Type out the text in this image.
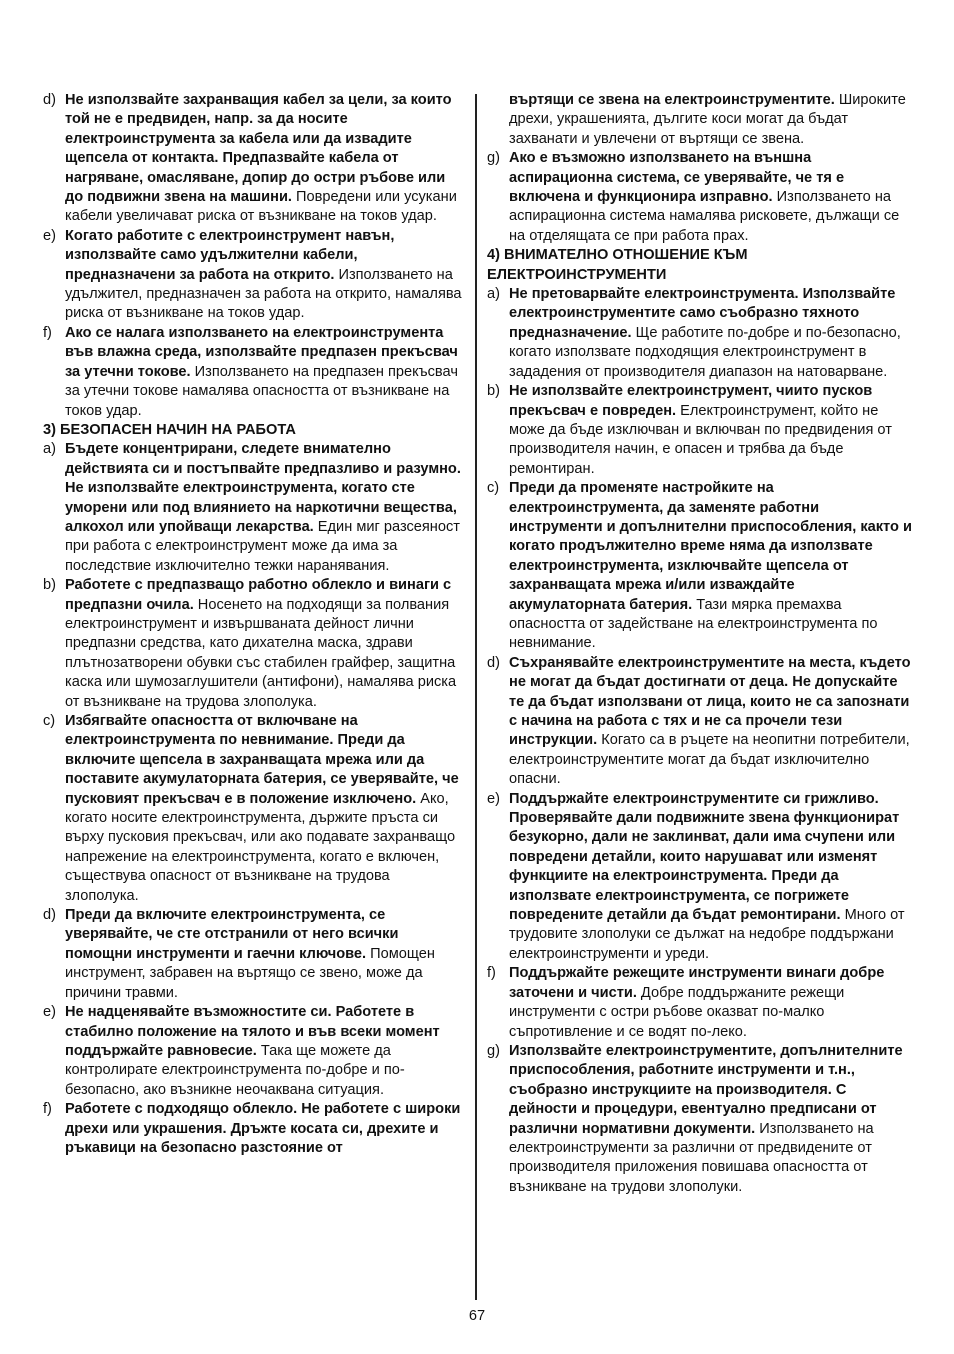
d) Не използвайте захранващия кабел за цели, за които той не е предвиден, напр. за да носите електроинструмента за кабела или да извадите щепсела от контакта. Предпазвайте кабела от нагряване, омасляване, допир до остри ръбове или до подвижни звена на машини. Повредени или усукани кабели увеличават риска от възникване на токов удар.
e) Когато работите с електроинструмент навън, използвайте само удължителни кабели, предназначени за работа на открито. Използването на удължител, предназначен за работа на открито, намалява риска от възникване на токов удар.
f) Ако се налага използването на електроинструмента във влажна среда, използвайте предпазен прекъсвач за утечни токове. Използването на предпазен прекъсвач за утечни токове намалява опасността от възникване на токов удар.
3) БЕЗОПАСЕН НАЧИН НА РАБОТА
a) Бъдете концентрирани, следете внимателно действията си и постъпвайте предпазливо и разумно. Не използвайте електроинструмента, когато сте уморени или под влиянието на наркотични вещества, алкохол или упойващи лекарства. Един миг разсеяност при работа с електроинструмент може да има за последствие изключително тежки наранявания.
b) Работете с предпазващо работно облекло и винаги с предпазни очила. Носенето на подходящи за полвания електроинструмент и извършваната дейност лични предпазни средства, като дихателна маска, здрави плътнозатворени обувки със стабилен грайфер, защитна каска или шумозаглушители (антифони), намалява риска от възникване на трудова злополука.
c) Избягвайте опасността от включване на електроинструмента по невнимание. Преди да включите щепсела в захранващата мрежа или да поставите акумулаторната батерия, се уверявайте, че пусковият прекъсвач е в положение изключено. Ако, когато носите електроинструмента, държите пръста си върху пусковия прекъсвач, или ако подавате захранващо напрежение на електроинструмента, когато е включен, съществува опасност от възникване на трудова злополука.
d) Преди да включите електроинструмента, се уверявайте, че сте отстранили от него всички помощни инструменти и гаечни ключове. Помощен инструмент, забравен на въртящо се звено, може да причини травми.
e) Не надценявайте възможностите си. Работете в стабилно положение на тялото и във всеки момент поддържайте равновесие. Така ще можете да контролирате електроинструмента по-добре и по-безопасно, ако възникне неочаквана ситуация.
f) Работете с подходящо облекло. Не работете с широки дрехи или украшения. Дръжте косата си, дрехите и ръкавици на безопасно разстояние от
въртящи се звена на електроинструментите. Широките дрехи, украшенията, дългите коси могат да бъдат захванати и увлечени от въртящи се звена.
g) Ако е възможно използването на външна аспирационна система, се уверявайте, че тя е включена и функционира изправно. Използването на аспирационна система намалява рисковете, дължащи се на отделящата се при работа прах.
4) ВНИМАТЕЛНО ОТНОШЕНИЕ КЪМ ЕЛЕКТРОИНСТРУМЕНТИ
a) Не претоварвайте електроинструмента. Използвайте електроинструментите само съобразно тяхното предназначение. Ще работите по-добре и по-безопасно, когато използвате подходящия електроинструмент в зададения от производителя диапазон на натоварване.
b) Не използвайте електроинструмент, чиито пусков прекъсвач е повреден. Електроинструмент, който не може да бъде изключван и включван по предвидения от производителя начин, е опасен и трябва да бъде ремонтиран.
c) Преди да променяте настройките на електроинструмента, да заменяте работни инструменти и допълнителни приспособления, както и когато продължително време няма да използвате електроинструмента, изключвайте щепсела от захранващата мрежа и/или изваждайте акумулаторната батерия. Тази мярка премахва опасността от задействане на електроинструмента по невнимание.
d) Съхранявайте електроинструментите на места, където не могат да бъдат достигнати от деца. Не допускайте те да бъдат използвани от лица, които не са запознати с начина на работа с тях и не са прочели тези инструкции. Когато са в ръцете на неопитни потребители, електроинструментите могат да бъдат изключително опасни.
e) Поддържайте електроинструментите си грижливо. Проверявайте дали подвижните звена функционират безукорно, дали не заклинват, дали има счупени или повредени детайли, които нарушават или изменят функциите на електроинструмента. Преди да използвате електроинструмента, се погрижете повредените детайли да бъдат ремонтирани. Много от трудовите злополуки се дължат на недобре поддържани електроинструменти и уреди.
f) Поддържайте режещите инструменти винаги добре заточени и чисти. Добре поддържаните режещи инструменти с остри ръбове оказват по-малко съпротивление и се водят по-леко.
g) Използвайте електроинструментите, допълнителните приспособления, работните инструменти и т.н., съобразно инструкциите на производителя. С дейности и процедури, евентуално предписани от различни нормативни документи. Използването на електроинструменти за различни от предвидените от производителя приложения повишава опасността от възникване на трудови злополуки.
67
